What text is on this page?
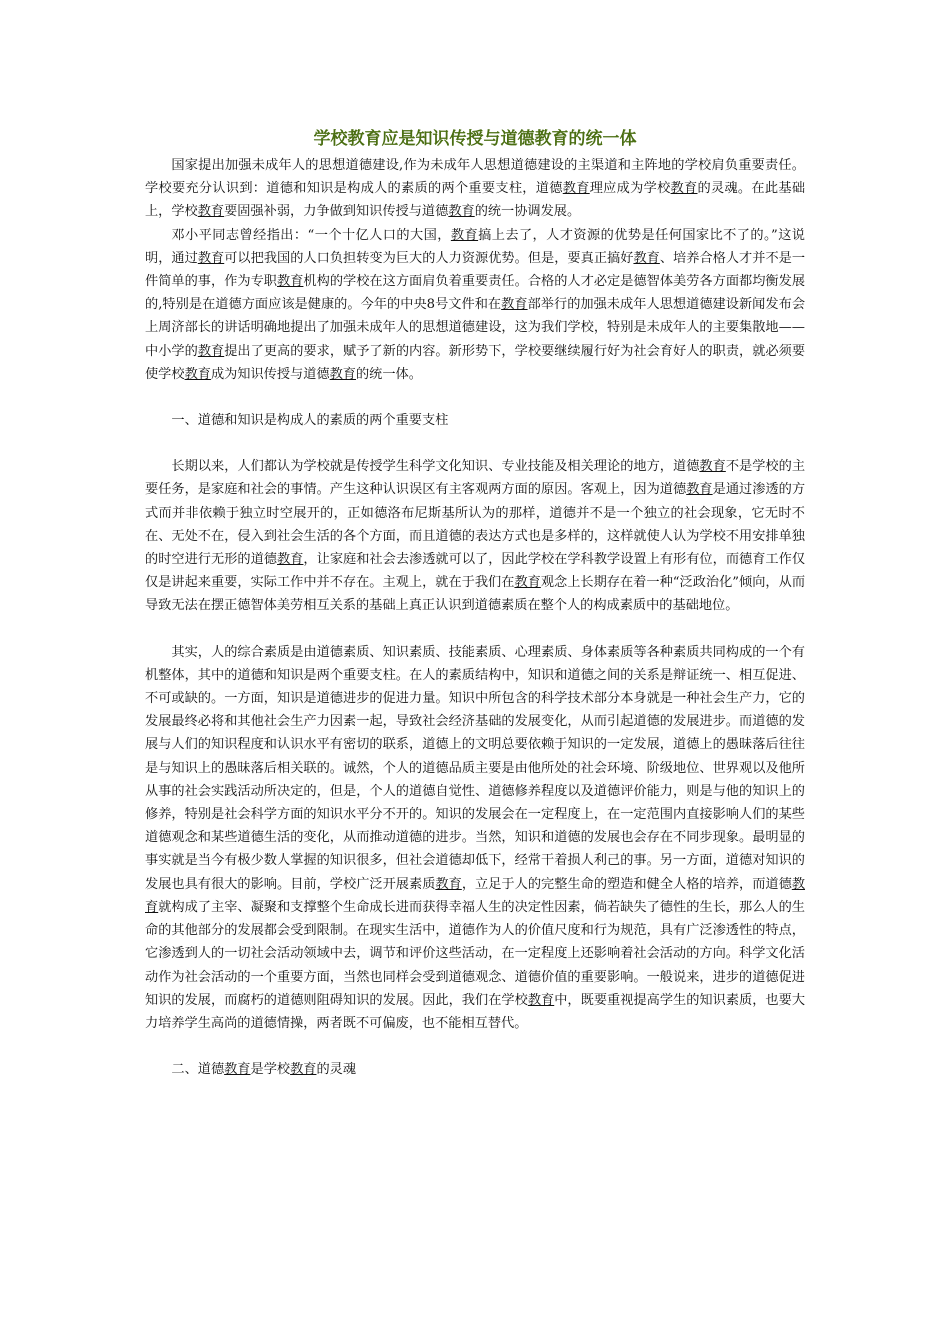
学校教育应是知识传授与道德教育的统一体

国家提出加强未成年人的思想道德建设,作为未成年人思想道德建设的主渠道和主阵地的学校肩负重要责任。学校要充分认识到：道德和知识是构成人的素质的两个重要支柱，道德教育理应成为学校教育的灵魂。在此基础上，学校教育要固强补弱，力争做到知识传授与道德教育的统一协调发展。

邓小平同志曾经指出：“一个十亿人口的大国，教育搞上去了，人才资源的优势是任何国家比不了的。”这说明，通过教育可以把我国的人口负担转变为巨大的人力资源优势。但是，要真正搞好教育、培养合格人才并不是一件简单的事，作为专职教育机构的学校在这方面肩负着重要责任。合格的人才必定是德智体美劳各方面都均衡发展的,特别是在道德方面应该是健康的。今年的中央8号文件和在教育部举行的加强未成年人思想道德建设新闻发布会上周济部长的讲话明确地提出了加强未成年人的思想道德建设，这为我们学校，特别是未成年人的主要集散地——中小学的教育提出了更高的要求，赋予了新的内容。新形势下，学校要继续履行好为社会育好人的职责，就必须要使学校教育成为知识传授与道德教育的统一体。

一、道德和知识是构成人的素质的两个重要支柱

长期以来，人们都认为学校就是传授学生科学文化知识、专业技能及相关理论的地方，道德教育不是学校的主要任务，是家庭和社会的事情。产生这种认识误区有主客观两方面的原因。客观上，因为道德教育是通过渗透的方式而并非依赖于独立时空展开的，正如德洛布尼斯基所认为的那样，道德并不是一个独立的社会现象，它无时不在、无处不在，侵入到社会生活的各个方面，而且道德的表达方式也是多样的，这样就使人认为学校不用安排单独的时空进行无形的道德教育，让家庭和社会去渗透就可以了，因此学校在学科教学设置上有形有位，而德育工作仅仅是讲起来重要，实际工作中并不存在。主观上，就在于我们在教育观念上长期存在着一种“泛政治化”倾向，从而导致无法在摆正德智体美劳相互关系的基础上真正认识到道德素质在整个人的构成素质中的基础地位。

其实，人的综合素质是由道德素质、知识素质、技能素质、心理素质、身体素质等各种素质共同构成的一个有机整体，其中的道德和知识是两个重要支柱。在人的素质结构中，知识和道德之间的关系是辩证统一、相互促进、不可或缺的。一方面，知识是道德进步的促进力量。知识中所包含的科学技术部分本身就是一种社会生产力，它的发展最终必将和其他社会生产力因素一起，导致社会经济基础的发展变化，从而引起道德的发展进步。而道德的发展与人们的知识程度和认识水平有密切的联系，道德上的文明总要依赖于知识的一定发展，道德上的愚昧落后往往是与知识上的愚昧落后相关联的。诚然，个人的道德品质主要是由他所处的社会环境、阶级地位、世界观以及他所从事的社会实践活动所决定的，但是，个人的道德自觉性、道德修养程度以及道德评价能力，则是与他的知识上的修养，特别是社会科学方面的知识水平分不开的。知识的发展会在一定程度上，在一定范围内直接影响人们的某些道德观念和某些道德生活的变化，从而推动道德的进步。当然，知识和道德的发展也会存在不同步现象。最明显的事实就是当今有极少数人掌握的知识很多，但社会道德却低下，经常干着损人利己的事。另一方面，道德对知识的发展也具有很大的影响。目前，学校广泛开展素质教育，立足于人的完整生命的塑造和健全人格的培养，而道德教育就构成了主宰、凝聚和支撑整个生命成长进而获得幸福人生的决定性因素，倘若缺失了德性的生长，那么人的生命的其他部分的发展都会受到限制。在现实生活中，道德作为人的价值尺度和行为规范，具有广泛渗透性的特点，它渗透到人的一切社会活动领域中去，调节和评价这些活动，在一定程度上还影响着社会活动的方向。科学文化活动作为社会活动的一个重要方面，当然也同样会受到道德观念、道德价值的重要影响。一般说来，进步的道德促进知识的发展，而腐朽的道德则阻碍知识的发展。因此，我们在学校教育中，既要重视提高学生的知识素质，也要大力培养学生高尚的道德情操，两者既不可偏废，也不能相互替代。

二、道德教育是学校教育的灵魂
